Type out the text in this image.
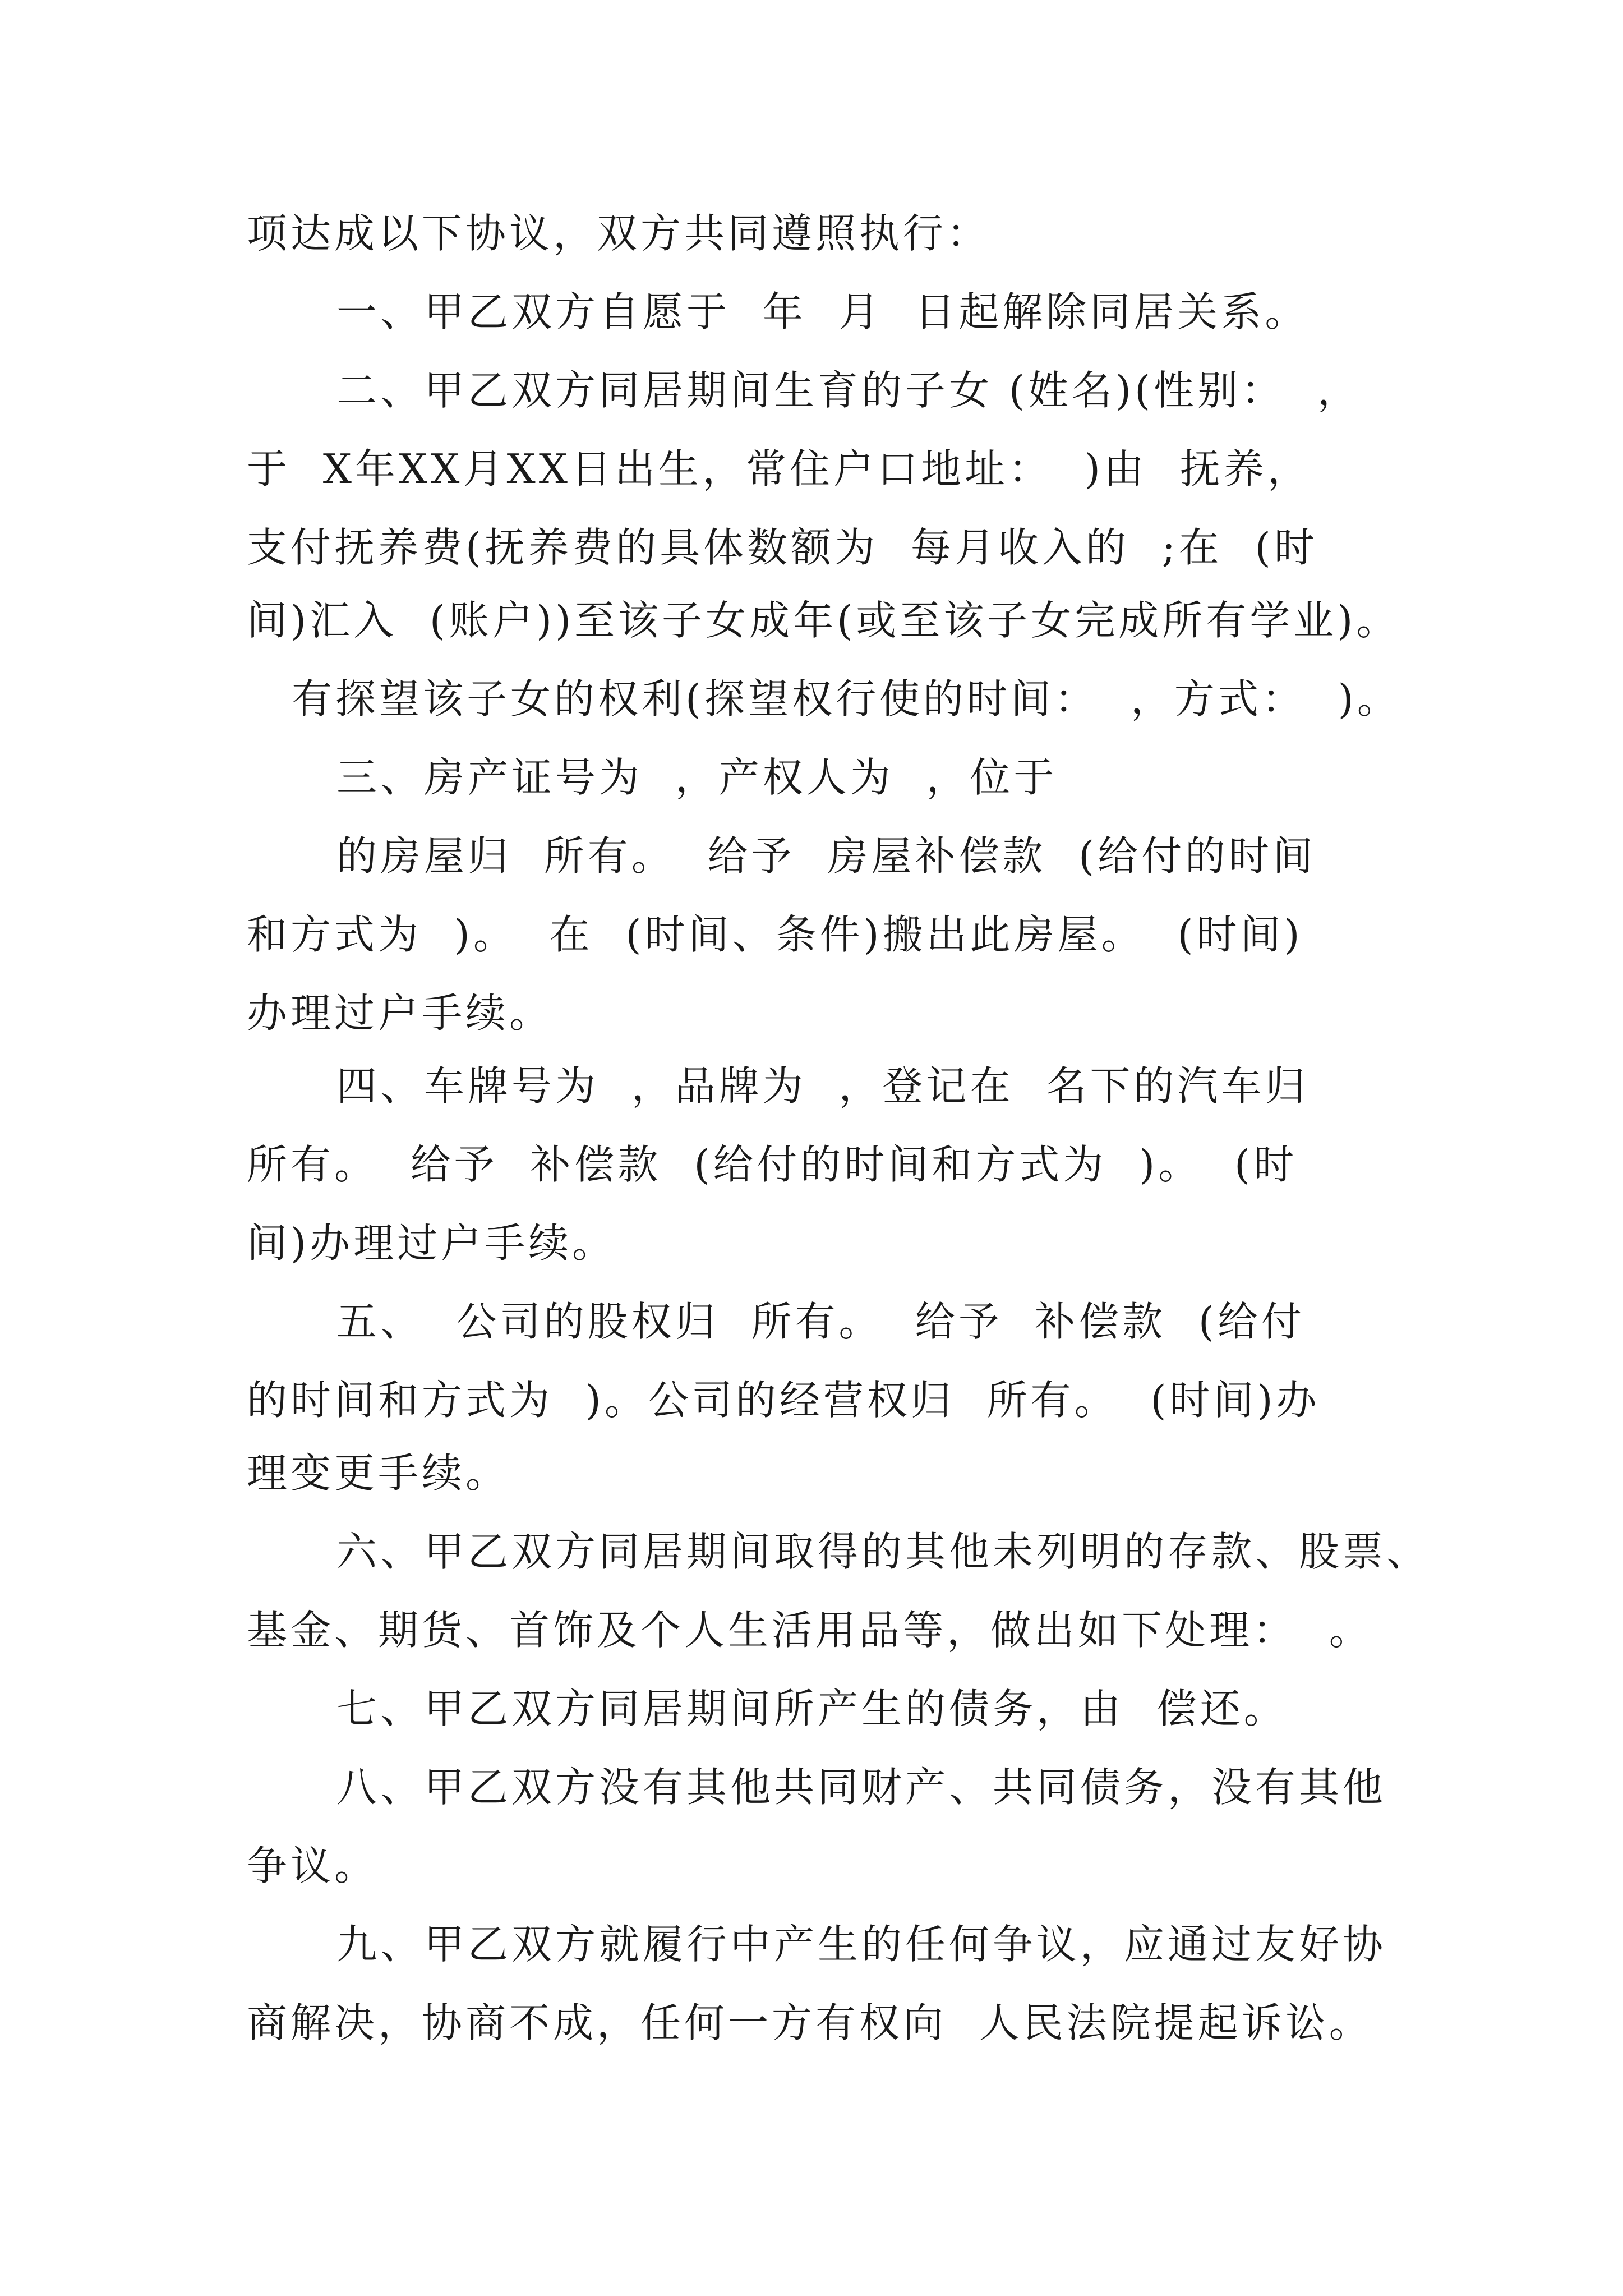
项达成以下协议，双方共同遵照执行：
一、甲乙双方自愿于  年  月  日起解除同居关系。
二、甲乙双方同居期间生育的子女 (姓名)(性别：  ，
于  X年XX月XX日出生，常住户口地址：  )由  抚养，
支付抚养费(抚养费的具体数额为  每月收入的  ;在  (时
间)汇入  (账户))至该子女成年(或至该子女完成所有学业)。
有探望该子女的权利(探望权行使的时间：  ，方式：  )。
三、房产证号为  ，产权人为  ，位于
的房屋归  所有。  给予  房屋补偿款  (给付的时间
和方式为  )。  在  (时间、条件)搬出此房屋。  (时间)
办理过户手续。
四、车牌号为  ，品牌为  ，登记在  名下的汽车归
所有。  给予  补偿款  (给付的时间和方式为  )。  (时
间)办理过户手续。
五、  公司的股权归  所有。  给予  补偿款  (给付
的时间和方式为  )。公司的经营权归  所有。  (时间)办
理变更手续。
六、甲乙双方同居期间取得的其他未列明的存款、股票、
基金、期货、首饰及个人生活用品等，做出如下处理：  。
七、甲乙双方同居期间所产生的债务，由  偿还。
八、甲乙双方没有其他共同财产、共同债务，没有其他
争议。
九、甲乙双方就履行中产生的任何争议，应通过友好协
商解决，协商不成，任何一方有权向  人民法院提起诉讼。
